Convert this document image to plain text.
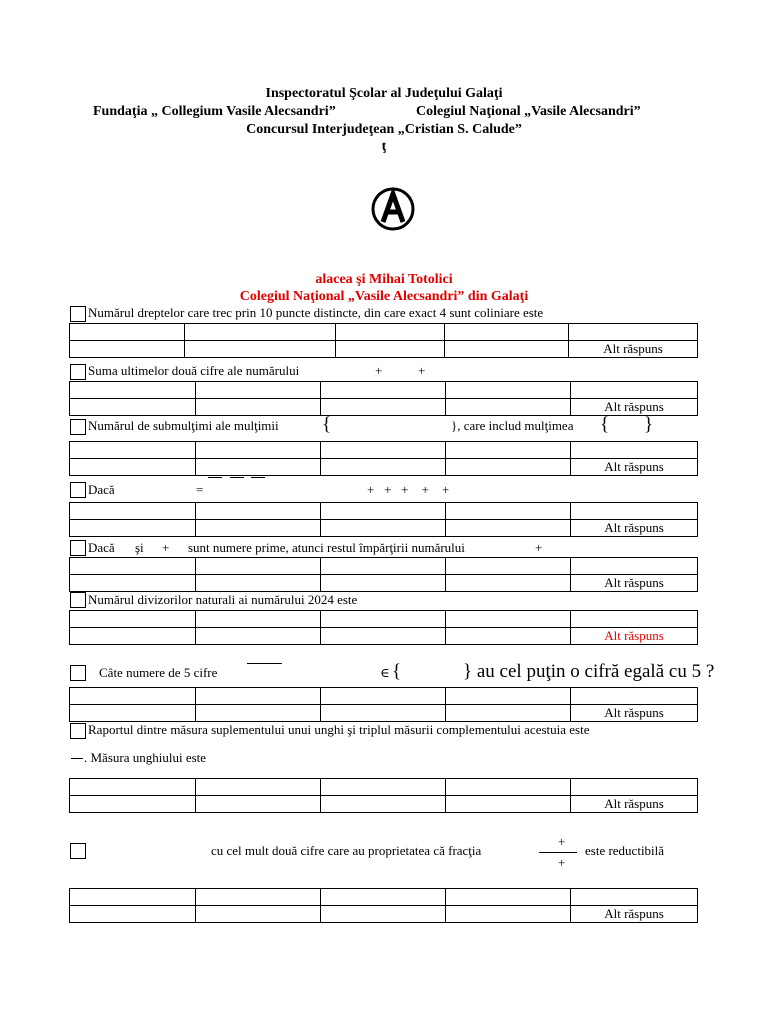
Inspectoratul Şcolar al Judeţului Galaţi
Fundaţia „ Collegium Vasile Alecsandri”	Colegiul Naţional „Vasile Alecsandri”
Concursul Interjudeţean „Cristian S. Calude”
ţ
alacea şi Mihai Totolici
Colegiul Naţional „Vasile Alecsandri” din Galaţi
Numărul dreptelor care trec prin 10 puncte distincte, din care exact 4 sunt coliniare este

				Alt răspuns
Suma ultimelor două cifre ale numărului	+	+

				Alt răspuns
Numărul de submulţimi ale mulţimii {	}, care includ mulţimea { }

				Alt răspuns
Dacă	=	+   +   +    +    +

				Alt răspuns
Dacă şi + sunt numere prime, atunci restul împărţirii numărului	+

				Alt răspuns
Numărul divizorilor naturali ai numărului 2024 este

				Alt răspuns
Câte numere de 5 cifre	∈ {	} au cel puţin o cifră egală cu 5 ?

				Alt răspuns
Raportul dintre măsura suplementului unui unghi şi triplul măsurii complementului acestuia este
. Măsura unghiului este

				Alt răspuns
cu cel mult două cifre care au proprietatea că fracţia
+
+
este reductibilă

				Alt răspuns
